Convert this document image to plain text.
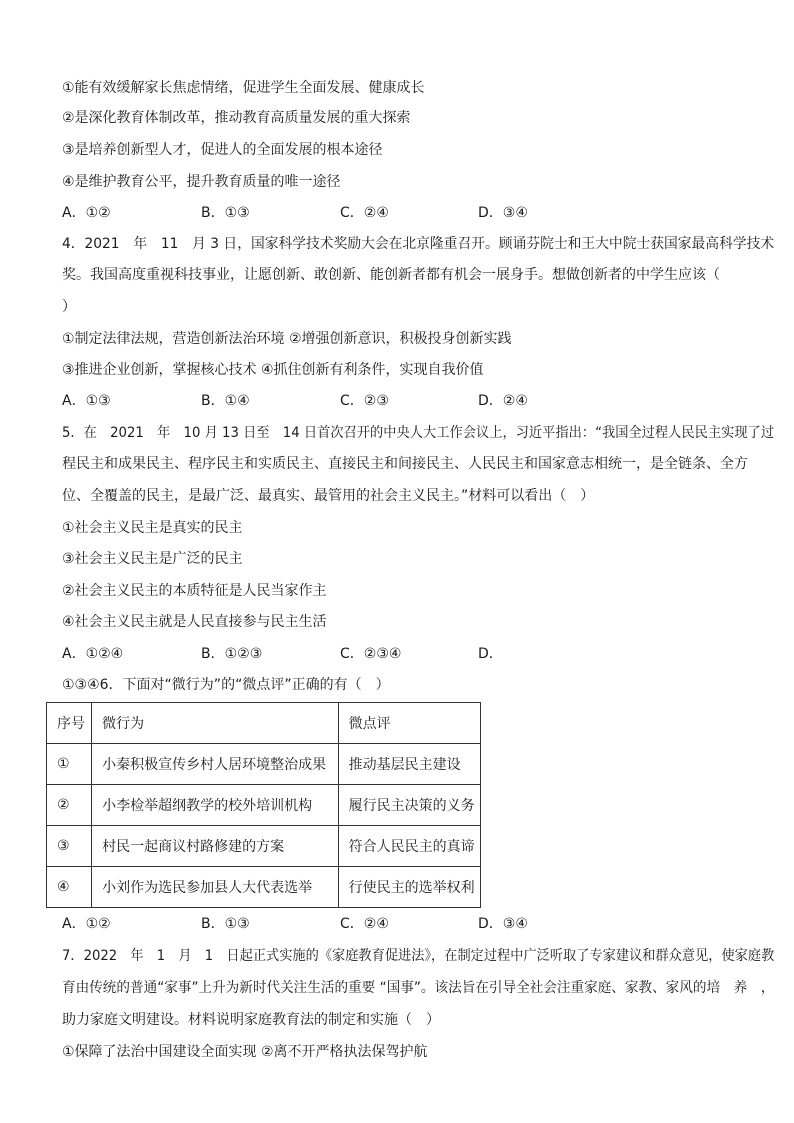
①能有效缓解家长焦虑情绪，促进学生全面发展、健康成长
②是深化教育体制改革，推动教育高质量发展的重大探索
③是培养创新型人才，促进人的全面发展的根本途径
④是维护教育公平，提升教育质量的唯一途径
A．①②	B．①③	C．②④	D．③④
4．2021　年　11　月 3 日，国家科学技术奖励大会在北京隆重召开。顾诵芬院士和王大中院士获国家最高科学技术
奖。我国高度重视科技事业，让愿创新、敢创新、能创新者都有机会一展身手。想做创新者的中学生应该（
）
①制定法律法规，营造创新法治环境 ②增强创新意识，积极投身创新实践
③推进企业创新，掌握核心技术 ④抓住创新有利条件，实现自我价值
A．①③	B．①④	C．②③	D．②④
5．在　2021　年　10 月 13 日至　14 日首次召开的中央人大工作会议上，习近平指出：“我国全过程人民民主实现了过
程民主和成果民主、程序民主和实质民主、直接民主和间接民主、人民民主和国家意志相统一，是全链条、全方
位、全覆盖的民主，是最广泛、最真实、最管用的社会主义民主。”材料可以看出（　）
①社会主义民主是真实的民主
③社会主义民主是广泛的民主
②社会主义民主的本质特征是人民当家作主
④社会主义民主就是人民直接参与民主生活
A．①②④	B．①②③	C．②③④	D．
①③④6．下面对“微行为”的“微点评”正确的有（　）
序号	微行为	微点评
①	小秦积极宣传乡村人居环境整治成果	推动基层民主建设
②	小李检举超纲教学的校外培训机构	履行民主决策的义务
③	村民一起商议村路修建的方案	符合人民民主的真谛
④	小刘作为选民参加县人大代表选举	行使民主的选举权利
A．①②	B．①③	C．②④	D．③④
7．2022　年　1　月　1　日起正式实施的《家庭教育促进法》，在制定过程中广泛听取了专家建议和群众意见，使家庭教
育由传统的普通“家事”上升为新时代关注生活的重要 “国事”。该法旨在引导全社会注重家庭、家教、家风的培　养　，
助力家庭文明建设。材料说明家庭教育法的制定和实施（　）
①保障了法治中国建设全面实现 ②离不开严格执法保驾护航
